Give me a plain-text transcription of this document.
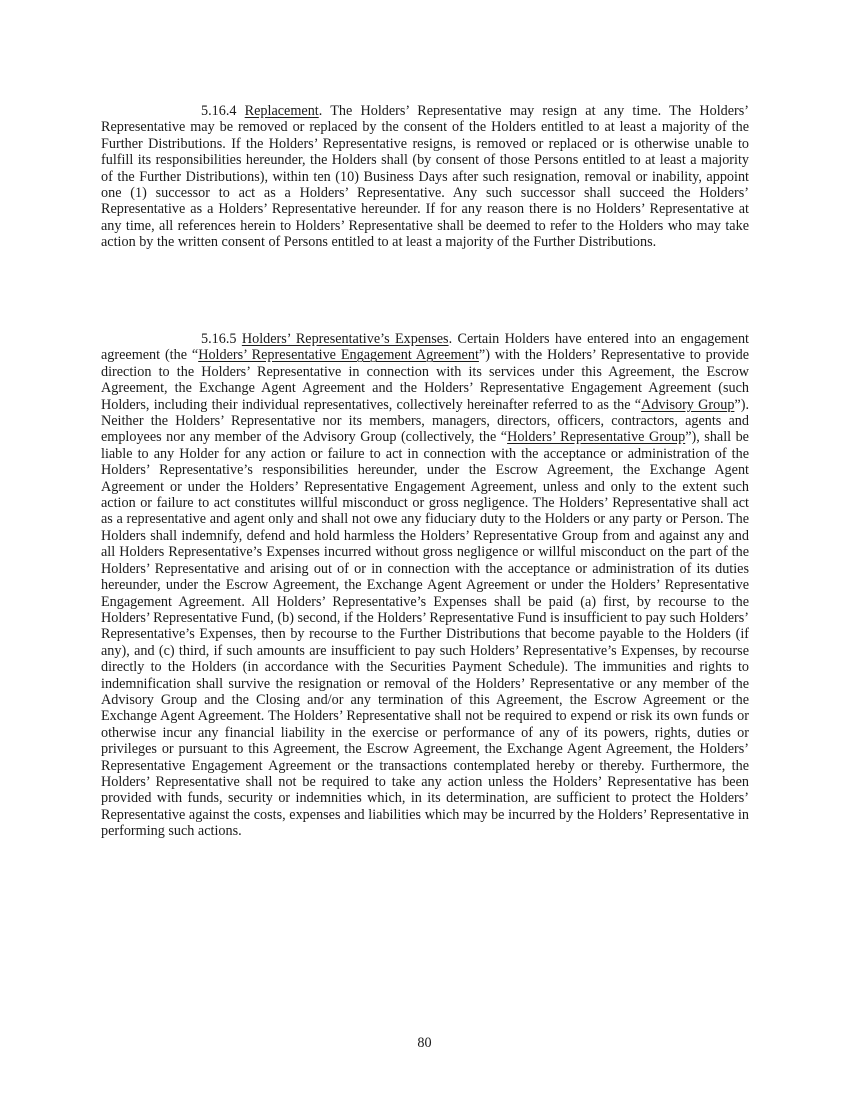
5.16.4 Replacement. The Holders’ Representative may resign at any time. The Holders’ Representative may be removed or replaced by the consent of the Holders entitled to at least a majority of the Further Distributions. If the Holders’ Representative resigns, is removed or replaced or is otherwise unable to fulfill its responsibilities hereunder, the Holders shall (by consent of those Persons entitled to at least a majority of the Further Distributions), within ten (10) Business Days after such resignation, removal or inability, appoint one (1) successor to act as a Holders’ Representative. Any such successor shall succeed the Holders’ Representative as a Holders’ Representative hereunder. If for any reason there is no Holders’ Representative at any time, all references herein to Holders’ Representative shall be deemed to refer to the Holders who may take action by the written consent of Persons entitled to at least a majority of the Further Distributions.

5.16.5 Holders’ Representative’s Expenses. Certain Holders have entered into an engagement agreement (the “Holders’ Representative Engagement Agreement”) with the Holders’ Representative to provide direction to the Holders’ Representative in connection with its services under this Agreement, the Escrow Agreement, the Exchange Agent Agreement and the Holders’ Representative Engagement Agreement (such Holders, including their individual representatives, collectively hereinafter referred to as the “Advisory Group”). Neither the Holders’ Representative nor its members, managers, directors, officers, contractors, agents and employees nor any member of the Advisory Group (collectively, the “Holders’ Representative Group”), shall be liable to any Holder for any action or failure to act in connection with the acceptance or administration of the Holders’ Representative’s responsibilities hereunder, under the Escrow Agreement, the Exchange Agent Agreement or under the Holders’ Representative Engagement Agreement, unless and only to the extent such action or failure to act constitutes willful misconduct or gross negligence. The Holders’ Representative shall act as a representative and agent only and shall not owe any fiduciary duty to the Holders or any party or Person. The Holders shall indemnify, defend and hold harmless the Holders’ Representative Group from and against any and all Holders Representative’s Expenses incurred without gross negligence or willful misconduct on the part of the Holders’ Representative and arising out of or in connection with the acceptance or administration of its duties hereunder, under the Escrow Agreement, the Exchange Agent Agreement or under the Holders’ Representative Engagement Agreement. All Holders’ Representative’s Expenses shall be paid (a) first, by recourse to the Holders’ Representative Fund, (b) second, if the Holders’ Representative Fund is insufficient to pay such Holders’ Representative’s Expenses, then by recourse to the Further Distributions that become payable to the Holders (if any), and (c) third, if such amounts are insufficient to pay such Holders’ Representative’s Expenses, by recourse directly to the Holders (in accordance with the Securities Payment Schedule). The immunities and rights to indemnification shall survive the resignation or removal of the Holders’ Representative or any member of the Advisory Group and the Closing and/or any termination of this Agreement, the Escrow Agreement or the Exchange Agent Agreement. The Holders’ Representative shall not be required to expend or risk its own funds or otherwise incur any financial liability in the exercise or performance of any of its powers, rights, duties or privileges or pursuant to this Agreement, the Escrow Agreement, the Exchange Agent Agreement, the Holders’ Representative Engagement Agreement or the transactions contemplated hereby or thereby. Furthermore, the Holders’ Representative shall not be required to take any action unless the Holders’ Representative has been provided with funds, security or indemnities which, in its determination, are sufficient to protect the Holders’ Representative against the costs, expenses and liabilities which may be incurred by the Holders’ Representative in performing such actions.

80
